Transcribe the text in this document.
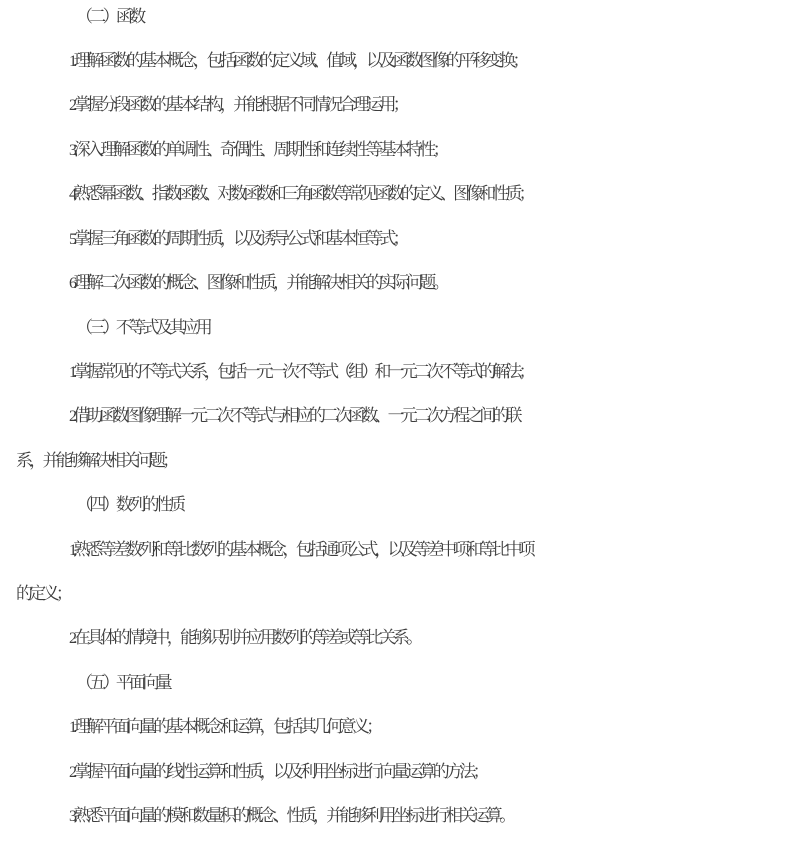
（二）函数
1.理解函数的基本概念，包括函数的定义域、值域，以及函数图像的平移变换；
2.掌握分段函数的基本结构，并能根据不同情况合理运用；
3.深入理解函数的单调性、奇偶性、周期性和连续性等基本特性；
4.熟悉幂函数、指数函数、对数函数和三角函数等常见函数的定义、图像和性质；
5.掌握三角函数的周期性质，以及诱导公式和基本恒等式；
6.理解二次函数的概念、图像和性质，并能解决相关的实际问题。
（三）不等式及其应用
1.掌握常见的不等式关系，包括一元一次不等式（组）和一元二次不等式的解法；
2.借助函数图像理解一元二次不等式与相应的二次函数、一元二次方程之间的联
系，并能够解决相关问题；
（四）数列的性质
1.熟悉等差数列和等比数列的基本概念，包括通项公式，以及等差中项和等比中项
的定义；
2.在具体的情境中，能够识别并应用数列的等差或等比关系。
（五）平面向量
1.理解平面向量的基本概念和运算，包括其几何意义；
2.掌握平面向量的线性运算和性质，以及利用坐标进行向量运算的方法；
3.熟悉平面向量的模和数量积的概念、性质，并能够利用坐标进行相关运算。
